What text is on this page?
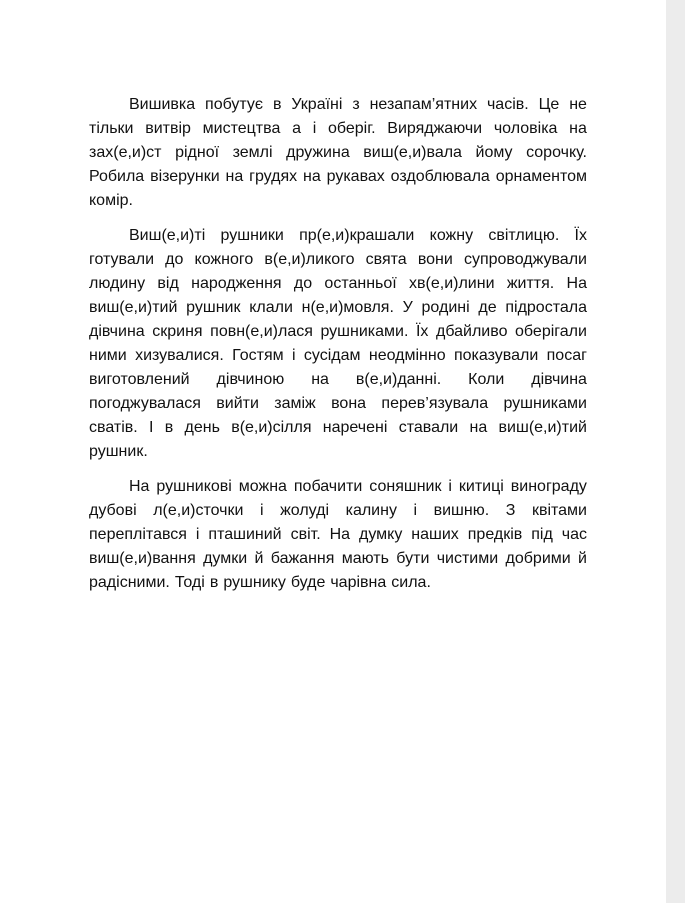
Вишивка побутує в Україні з незапам’ятних часів. Це не
тільки витвір мистецтва а і оберіг. Виряджаючи чоловіка на
зах(е,и)ст рідної землі дружина виш(е,и)вала йому сорочку.
Робила візерунки на грудях на рукавах оздоблювала орнаментом
комір.
Виш(е,и)ті рушники пр(е,и)крашали кожну світлицю. Їх
готували до кожного в(е,и)ликого свята вони супроводжували
людину від народження до останньої хв(е,и)лини життя. На
виш(е,и)тий рушник клали н(е,и)мовля. У родині де підростала
дівчина скриня повн(е,и)лася рушниками. Їх дбайливо оберігали
ними хизувалися. Гостям і сусідам неодмінно показували посаг
виготовлений дівчиною на в(е,и)данні. Коли дівчина
погоджувалася вийти заміж вона перев’язувала рушниками
сватів. І в день в(е,и)сілля наречені ставали на виш(е,и)тий
рушник.
На рушникові можна побачити соняшник і китиці винограду
дубові л(е,и)сточки і жолуді калину і вишню. З квітами
переплітався і пташиний світ. На думку наших предків під час
виш(е,и)вання думки й бажання мають бути чистими добрими й
радісними. Тоді в рушнику буде чарівна сила.
